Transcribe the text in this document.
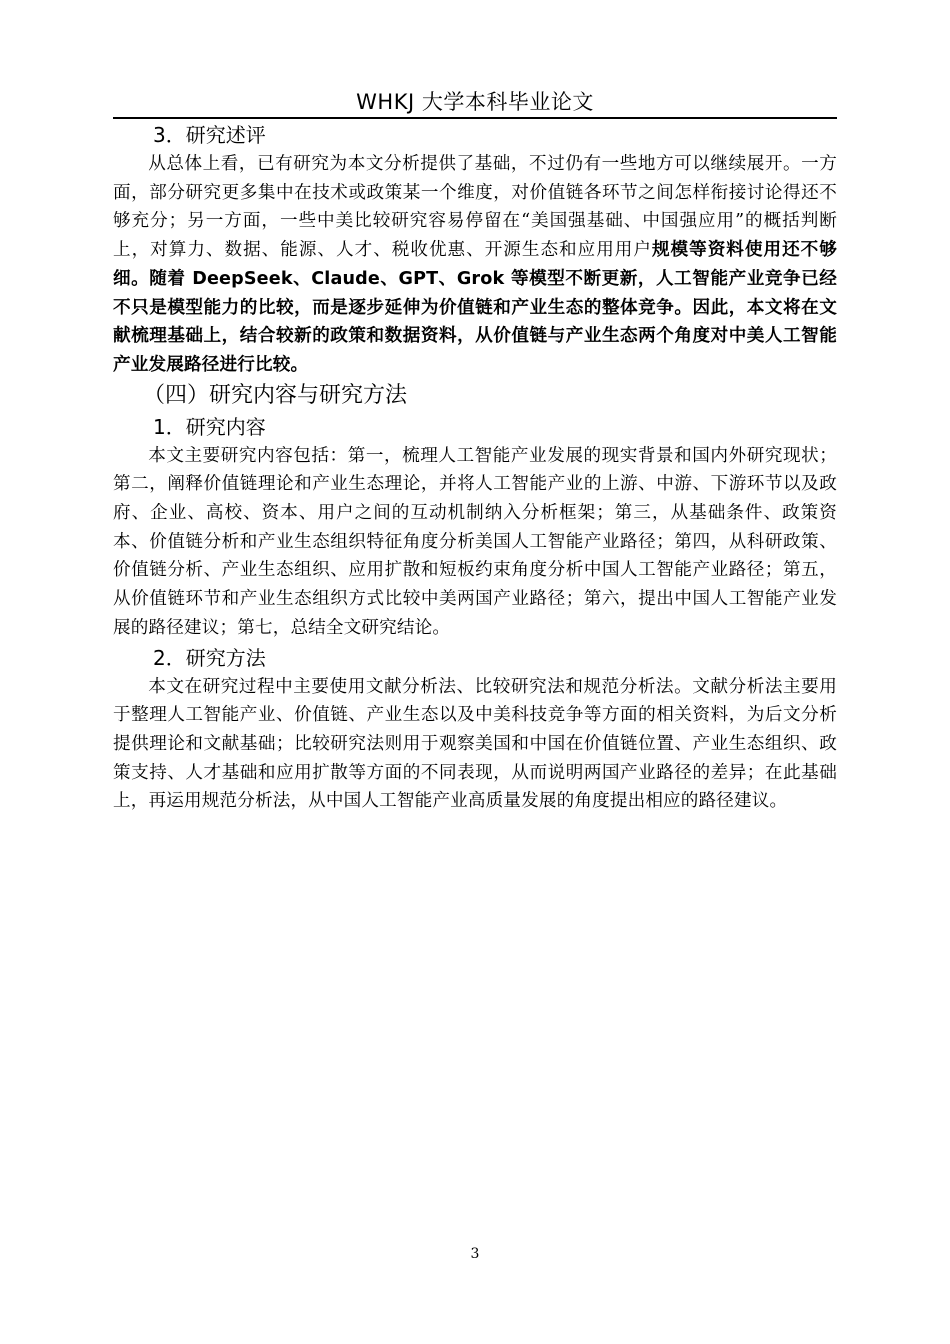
WHKJ 大学本科毕业论文
3．研究述评

从总体上看，已有研究为本文分析提供了基础，不过仍有一些地方可以继续展开。一方面，部分研究更多集中在技术或政策某一个维度，对价值链各环节之间怎样衔接讨论得还不够充分；另一方面，一些中美比较研究容易停留在“美国强基础、中国强应用”的概括判断上，对算力、数据、能源、人才、税收优惠、开源生态和应用用户规模等资料使用还不够细。随着 DeepSeek、Claude、GPT、Grok 等模型不断更新，人工智能产业竞争已经不只是模型能力的比较，而是逐步延伸为价值链和产业生态的整体竞争。因此，本文将在文献梳理基础上，结合较新的政策和数据资料，从价值链与产业生态两个角度对中美人工智能产业发展路径进行比较。

（四）研究内容与研究方法
1．研究内容

本文主要研究内容包括：第一，梳理人工智能产业发展的现实背景和国内外研究现状；第二，阐释价值链理论和产业生态理论，并将人工智能产业的上游、中游、下游环节以及政府、企业、高校、资本、用户之间的互动机制纳入分析框架；第三，从基础条件、政策资本、价值链分析和产业生态组织特征角度分析美国人工智能产业路径；第四，从科研政策、价值链分析、产业生态组织、应用扩散和短板约束角度分析中国人工智能产业路径；第五，从价值链环节和产业生态组织方式比较中美两国产业路径；第六，提出中国人工智能产业发展的路径建议；第七，总结全文研究结论。

2．研究方法

本文在研究过程中主要使用文献分析法、比较研究法和规范分析法。文献分析法主要用于整理人工智能产业、价值链、产业生态以及中美科技竞争等方面的相关资料，为后文分析提供理论和文献基础；比较研究法则用于观察美国和中国在价值链位置、产业生态组织、政策支持、人才基础和应用扩散等方面的不同表现，从而说明两国产业路径的差异；在此基础上，再运用规范分析法，从中国人工智能产业高质量发展的角度提出相应的路径建议。

3
